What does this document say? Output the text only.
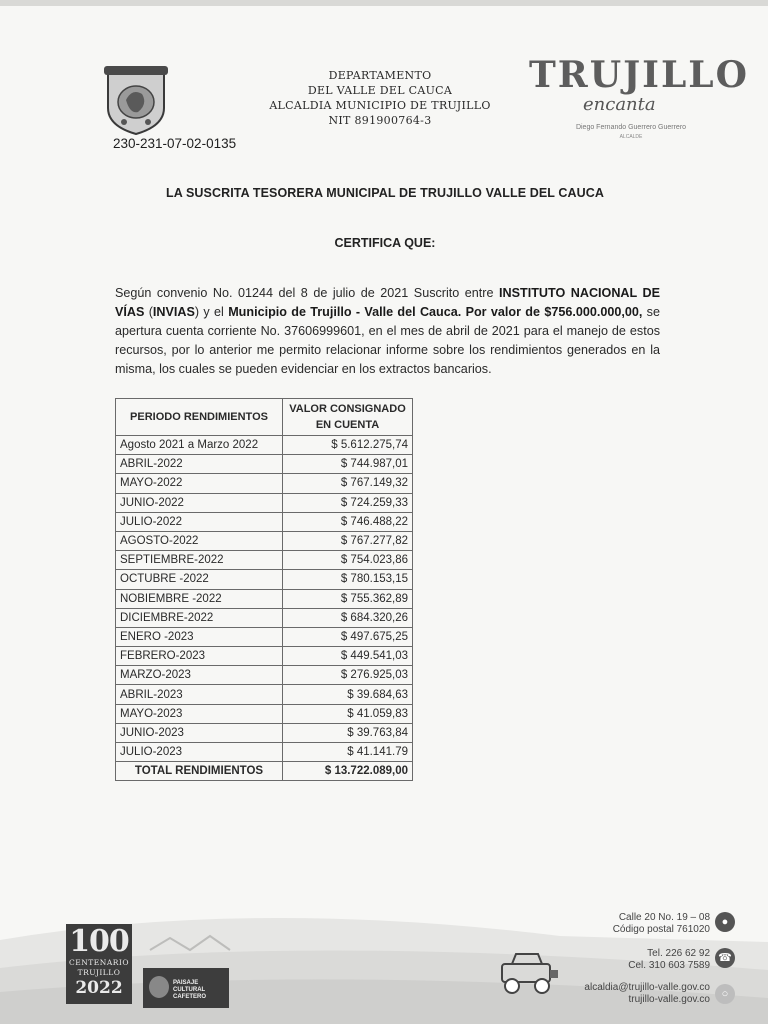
230-231-07-02-0135
DEPARTAMENTO
DEL VALLE DEL CAUCA
ALCALDIA MUNICIPIO DE TRUJILLO
NIT 891900764-3
TRUJILLO
encanta
Diego Fernando Guerrero Guerrero
ALCALDE
LA SUSCRITA TESORERA MUNICIPAL DE TRUJILLO VALLE DEL CAUCA
CERTIFICA QUE:
Según convenio No. 01244 del 8 de julio de 2021 Suscrito entre INSTITUTO NACIONAL DE VÍAS (INVIAS) y el Municipio de Trujillo - Valle del Cauca. Por valor de $756.000.000,00, se apertura cuenta corriente No. 37606999601, en el mes de abril de 2021 para el manejo de estos recursos, por lo anterior me permito relacionar informe sobre los rendimientos generados en la misma, los cuales se pueden evidenciar en los extractos bancarios.
PERIODO RENDIMIENTOS	VALOR CONSIGNADO EN CUENTA
Agosto 2021 a Marzo 2022	$ 5.612.275,74
ABRIL-2022	$ 744.987,01
MAYO-2022	$ 767.149,32
JUNIO-2022	$ 724.259,33
JULIO-2022	$ 746.488,22
AGOSTO-2022	$ 767.277,82
SEPTIEMBRE-2022	$ 754.023,86
OCTUBRE -2022	$ 780.153,15
NOBIEMBRE -2022	$ 755.362,89
DICIEMBRE-2022	$ 684.320,26
ENERO -2023	$ 497.675,25
FEBRERO-2023	$ 449.541,03
MARZO-2023	$ 276.925,03
ABRIL-2023	$ 39.684,63
MAYO-2023	$ 41.059,83
JUNIO-2023	$ 39.763,84
JULIO-2023	$ 41.141.79
TOTAL RENDIMIENTOS	$ 13.722.089,00
100
CENTENARIO
TRUJILLO
2022	PAISAJE CULTURAL
CAFETERO
Calle 20 No. 19 – 08
Código postal 761020
●
Tel. 226 62 92
Cel. 310 603 7589
☎
alcaldia@trujillo-valle.gov.co
trujillo-valle.gov.co	○
